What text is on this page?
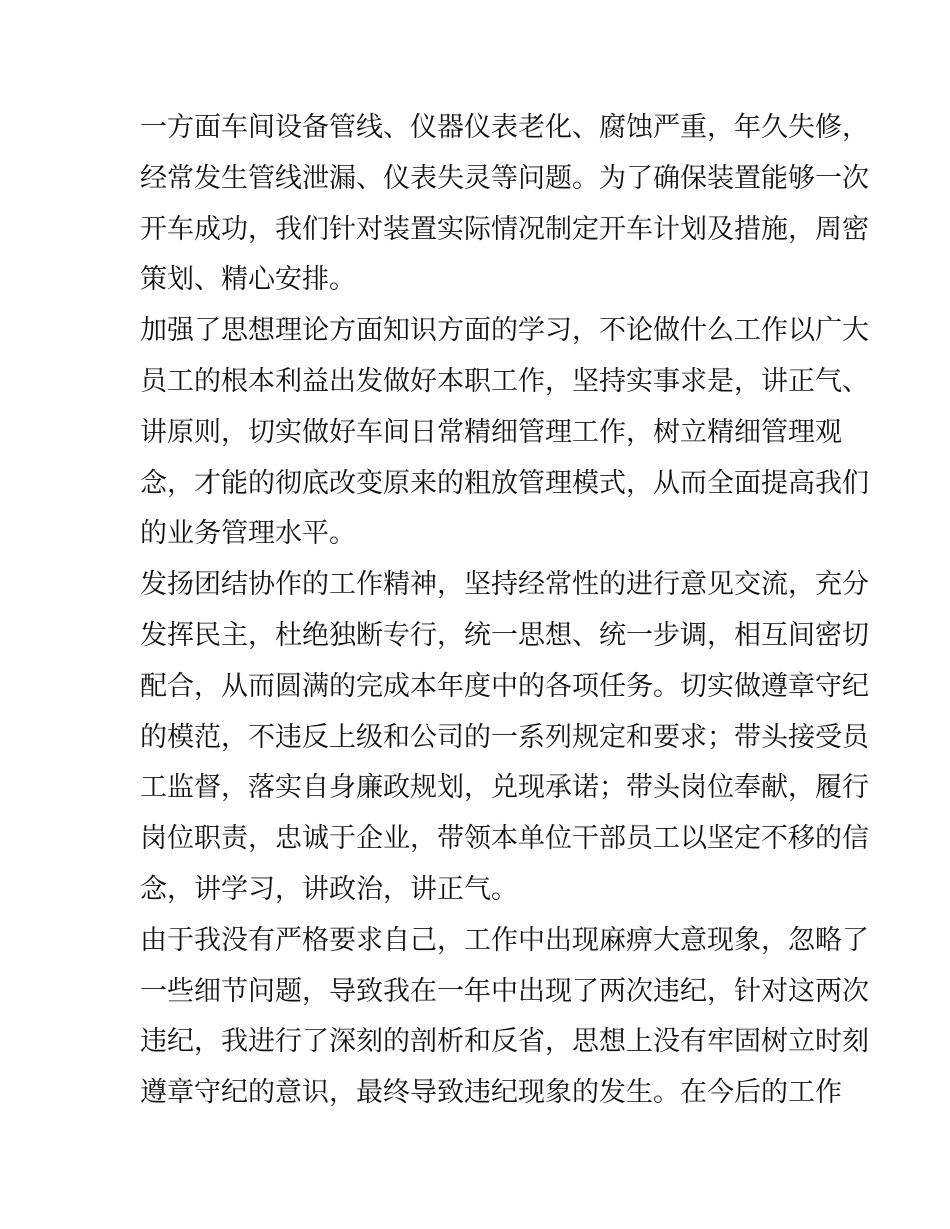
一方面车间设备管线、仪器仪表老化、腐蚀严重，年久失修，
经常发生管线泄漏、仪表失灵等问题。为了确保装置能够一次
开车成功，我们针对装置实际情况制定开车计划及措施，周密
策划、精心安排。
加强了思想理论方面知识方面的学习，不论做什么工作以广大
员工的根本利益出发做好本职工作，坚持实事求是，讲正气、
讲原则，切实做好车间日常精细管理工作，树立精细管理观
念，才能的彻底改变原来的粗放管理模式，从而全面提高我们
的业务管理水平。
发扬团结协作的工作精神，坚持经常性的进行意见交流，充分
发挥民主，杜绝独断专行，统一思想、统一步调，相互间密切
配合，从而圆满的完成本年度中的各项任务。切实做遵章守纪
的模范，不违反上级和公司的一系列规定和要求；带头接受员
工监督，落实自身廉政规划，兑现承诺；带头岗位奉献，履行
岗位职责，忠诚于企业，带领本单位干部员工以坚定不移的信
念，讲学习，讲政治，讲正气。
由于我没有严格要求自己，工作中出现麻痹大意现象，忽略了
一些细节问题，导致我在一年中出现了两次违纪，针对这两次
违纪，我进行了深刻的剖析和反省，思想上没有牢固树立时刻
遵章守纪的意识，最终导致违纪现象的发生。在今后的工作
